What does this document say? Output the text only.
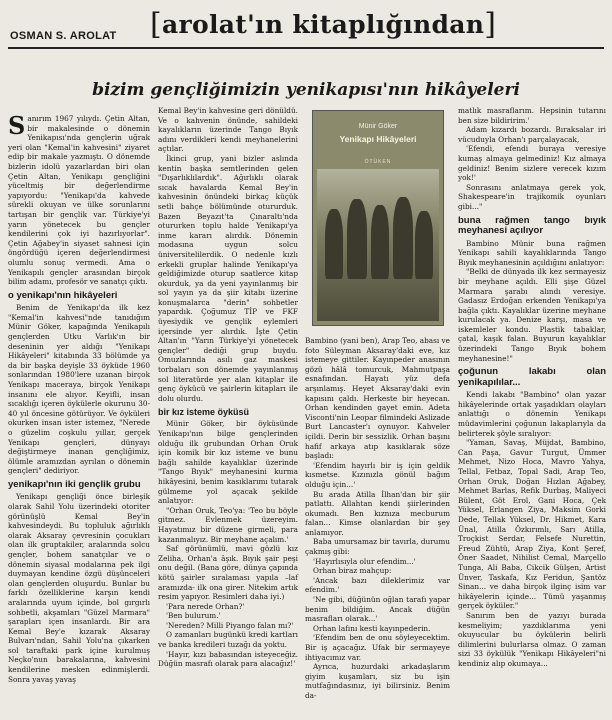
OSMAN S. AROLAT [arolat'ın kitaplığından]
bizim gençliğimizin yenikapısı'nın hikâyeleri

Sanırım 1967 yılıydı. Çetin Altan, bir makalesinde o dönemin Yenikapısı'nda gençlerin uğrak yeri olan "Kemal'in kahvesini" ziyaret edip bir makale yazmıştı. O dönemde bizlerin idolü yazarlardan biri olan Çetin Altan, Yenikapı gençliğini yüceltmiş bir değerlendirme yapıyordu: "Yenikapı'da kahvede sürekli okuyan ve ülke sorunlarını tartışan bir gençlik var. Türkiye'yi yarın yönetecek bu gençler kendilerini çok iyi hazırlıyorlar". Çetin Ağabey'in siyaset sahnesi için öngördüğü içeren değerlendirmesi olumlu sonuç vermedi. Ama o Yenikapılı gençler arasından birçok bilim adamı, profesör ve sanatçı çıktı.

o yenikapı'nın hikâyeleri

Benim de Yenikapı'da ilk kez "Kemal'in kahvesi"nde tanıdığım Münir Göker, kapağında Yenikapılı gençlerden Utku Varlık'ın bir deseninin yer aldığı "Yenikapı Hikâyeleri" kitabında 33 bölümde ya da bir başka deyişle 33 öyküde 1960 sonlarından 1980'lere uzanan birçok Yenikapı maceraya, birçok Yenikapı insanını ele alıyor. Keyifli, insan sıcaklığı içeren öykülerle okurunu 30-40 yıl öncesine götürüyor. Ve öyküleri okurken insan ister istemez, "Nerede o güzelim coşkulu yıllar, gerçek Yenikapı gençleri, dünyayı değiştirmeye inanan gençliğimiz, ölümle aramızdan ayrılan o dönemin gençleri" dediriyor.

yenikapı'nın iki gençlik grubu

Yenikapı gençliği önce birleşik olarak Sahil Yolu üzerindeki otoriter görünüşlü Kemal Bey'in kahvesindeydi. Bu topluluk ağırlıklı olarak Aksaray çevresinin çocukları olan ilk gruptakiler, aralarında solcu gençler, bohem sanatçılar ve o dönemin siyasal modalarına pek ilgi duymayan kendine özgü düşünceleri olan gençlerden oluşurdu. Bunlar bu farklı özelliklerine karşın kendi aralarında uyum içinde, bol gırgırlı sohbetli, akşamları "Güzel Marmara" şarapları içen insanlardı. Bir ara Kemal Bey'e kızarak Aksaray Bulvarı'ndan, Sahil Yolu'na çıkarken sol taraftaki park içine kurulmuş Neçko'nun barakalarına, kahvesini kendilerine mesken edinmişlerdi. Sonra yavaş yavaş

Kemal Bey'in kahvesine geri dönüldü. Ve o kahvenin önünde, sahildeki kayalıkların üzerinde Tango Bıyık adını verdikleri kendi meyhanelerini açtılar.

İkinci grup, yani bizler aslında kentin başka semtlerinden gelen "Dışarlıklılardık". Ağırlıklı olarak sıcak havalarda Kemal Bey'in kahvesinin önündeki birkaç küçük setli bahçe bölümünde otururduk. Bazen Beyazıt'ta Çınaraltı'nda otururken toplu halde Yenikapı'ya inme kararı alırdık. Dönemin modasına uygun solcu üniversitelilerdik. O nedenle kızlı erkekli gruplar halinde Yenikapı'ya geldiğimizde oturup saatlerce kitap okurduk, ya da yeni yayınlanmış bir sol yayın ya da şiir kitabı üzerine konuşmalarca "derin" sohbetler yapardık. Çoğumuz TİP ve FKF üyesiydik ve gençlik eylemleri içersinde yer alırdık. İşte Çetin Altan'ın "Yarın Türkiye'yi yönetecek gençler" dediği grup buydu. Omuzlarında asılı gaz maskesi torbaları son dönemde yayınlanmış sol literatürde yer alan kitaplar ile genç öykücü ve şairlerin kitapları ile dolu olurdu.

bir kız isteme öyküsü

Münir Göker, bir öyküsünde Yenikapı'nın bilge gençlerinden olduğu ilk grubundan Orhan Oruk için komik bir kız isteme ve bunu bağlı sahilde kayalıklar üzerinde "Tango Bıyık" meyhanesini kurma hikâyesini, benim kasıklarımı tutarak gülmeme yol açacak şekilde anlatıyor:

"Orhan Oruk, Teo'ya: 'Teo bu böyle gitmez. Evlenmek üzereyim. Hayatımız bir düzene girmeli, para kazanmalıyız. Bir meyhane açalım.'

Saf görünümlü, mavi gözlü kız Zeliha, Orhan'a âşık. Bıyık şair peşi onu değil. (Bana göre, dünya çapında kötü şairler sıralaması yapıla –laf aramızda- ilk ona girer. Nitekim artık resim yapıyor. Resimleri daha iyi.)

'Para nerede Orhan?'

'Ben bulurum.'

'Nereden? Milli Piyango falan mı?'

O zamanları bugünkü kredi kartları ve banka kredileri tuzağı da yoktu.

'Hayır, kızı babasından isteyeceğiz. Düğün masrafı olarak para alacağız!'

Münir Göker
Yenikapı Hikâyeleri
ÖTÜKEN

Bambino (yani ben), Arap Teo, abası ve foto Süleyman Aksaray'daki eve, kız istemeye gittiler. Kayınpeder anasının gözü hâlâ tomurcuk, Mahmutpaşa esnafından. Hayatı yüz defa arşınlamış. Heyet Aksaray'daki evin kapısını çaldı. Herkeste bir heyecan. Orhan kendinden gayet emin. Adeta Visconti'nin Leopar filmindeki Aslizade Burt Lancaster'ı oynuyor. Kahveler içildi. Derin bir sessizlik. Orhan başını hafif arkaya atıp kasıklarak söze başladı:

'Efendim hayırlı bir iş için geldik kısmetse. Kızınızla gönül bağım olduğu için...'

Bu arada Atilla İlhan'dan bir şiir patlattı. Allahtan kendi şiirlerinden okumadı. Ben kıznıza mecburum falan... Kimse olanlardan bir şey anlamıyor.

Baba umursamaz bir tavırla, durumu çakmış gibi:

'Hayırlısıyla olur efendim...'

Orhan biraz mahçup:

'Ancak bazı dileklerimiz var efendim.'

'Ne gibi, düğünün oğlan tarafı yapar benim bildiğim. Ancak düğün masrafları olarak...'

Orhan lafını kesti kayınpederin.

'Efendim ben de onu söyleyecektim. Bir iş açacağız. Ufak bir sermayeye ihtiyacımız var.

Ayrıca, huzurdaki arkadaşlarım giyim kuşamları, siz bu işin mutfağındasınız, iyi bilirsiniz. Benim da-

matlık masraflarım. Hepsinin tutarını ben size bildiririm.'

Adam kızardı bozardı. Bıraksalar iri vücuduyla Orhan'ı parçalayacak,

'Efendi, efendi buraya veresiye kumaş almaya gelmediniz! Kız almaya geldiniz! Benim sizlere verecek kızım yok!'

Sonrasını anlatmaya gerek yok, Shakespeare'in trajikomik oyunları gibi..."

buna rağmen tango bıyık meyhanesi açılıyor

Bambino Münir buna rağmen Yenikapı sahili kayalıklarında Tango Bıyık meyhanesinin açıldığını anlatıyor:

"Belki de dünyada ilk kez sermayesiz bir meyhane açıldı. Elli şişe Güzel Marmara şarabı alındı veresiye. Gadasız Erdoğan erkenden Yenikapı'ya bağla çıktı. Kayalıklar üzerine meyhane kurulacak ya. Denize karşı, masa ve iskemleler kondu. Plastik tabaklar, çatal, kaşık falan. Buyurun kayalıklar üzerindeki Tango Bıyık bohem meyhanesine!"

çoğunun lakabı olan yenikapılılar...

Kendi lakabı "Bambino" olan yazar hikâyelerinde ortak yaşadıkları olayları anlattığı o dönemin Yenikapı müdavimlerini çoğunun lakaplarıyla da belirterek şöyle sıralıyor:

"Yaman, Savaş, Müjdat, Bambino, Can Paşa, Gavur Turgut, Ümmer Mehmet, Nizo Hoca, Mavro Yahya, Tellal, Fetbaz, Topal Sadi, Arap Teo, Orhan Oruk, Doğan Hızlan Ağabey, Mehmet Barlas, Refik Durbaş, Maliyeci Bülent, Göt Erol, Gani Hoca, Çek Yüksel, Erlangen Ziya, Maksim Gorki Dede, Tellak Yüksel, Dr. Hikmet, Kara Ünal, Atilla Özkırımlı, Sarı Atilla, Troçkist Serdar, Felsefe Nurettin, Freud Zühtü, Arap Ziya, Kont Şeref, Öner Saadet, Nihilist Cemal, Marçello Tunga, Ali Baba, Cikcik Gülşen, Artist Ünver, Taskafa, Kız Feridun, Şantöz Sinan... ve daha birçok ilginç isim var hikâyelerin içinde... Tümü yaşanmış gerçek öyküler."

Sanırım ben de yazıyı burada kesmeliyim; yazdıklarıma yeni okuyucular bu öykülerin belirli dilimlerini bulurlarsa olmaz. O zaman sizi 33 öykülük "Yenikapı Hikâyeleri"ni kendiniz alıp okumaya...
